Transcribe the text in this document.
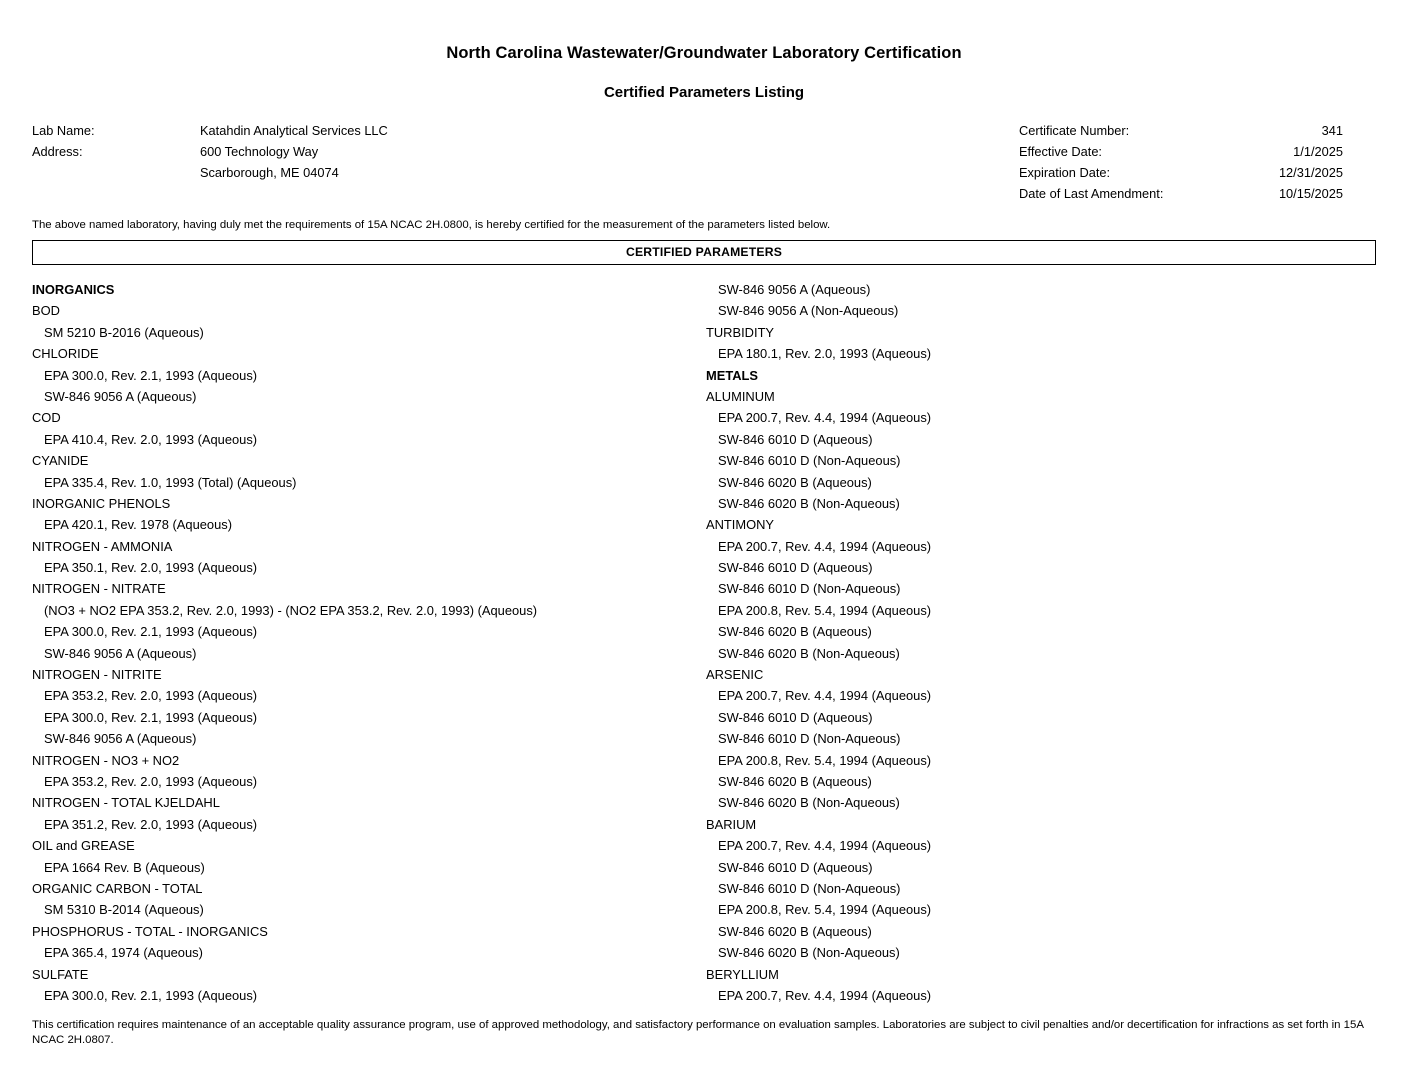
North Carolina Wastewater/Groundwater Laboratory Certification
Certified Parameters Listing
Lab Name:	Katahdin Analytical Services LLC
Address:	600 Technology Way
Scarborough, ME 04074
Certificate Number:	341
Effective Date:	1/1/2025
Expiration Date:	12/31/2025
Date of Last Amendment:	10/15/2025
The above named laboratory, having duly met the requirements of 15A NCAC 2H.0800, is hereby certified for the measurement of the parameters listed below.
CERTIFIED PARAMETERS
INORGANICS
BOD
SM 5210 B-2016 (Aqueous)
CHLORIDE
EPA 300.0, Rev. 2.1, 1993 (Aqueous)
SW-846 9056 A (Aqueous)
COD
EPA 410.4, Rev. 2.0, 1993 (Aqueous)
CYANIDE
EPA 335.4, Rev. 1.0, 1993 (Total) (Aqueous)
INORGANIC PHENOLS
EPA 420.1, Rev. 1978 (Aqueous)
NITROGEN - AMMONIA
EPA 350.1, Rev. 2.0, 1993 (Aqueous)
NITROGEN - NITRATE
(NO3 + NO2 EPA 353.2, Rev. 2.0, 1993) - (NO2 EPA 353.2, Rev. 2.0, 1993) (Aqueous)
EPA 300.0, Rev. 2.1, 1993 (Aqueous)
SW-846 9056 A (Aqueous)
NITROGEN - NITRITE
EPA 353.2, Rev. 2.0, 1993 (Aqueous)
EPA 300.0, Rev. 2.1, 1993 (Aqueous)
SW-846 9056 A (Aqueous)
NITROGEN - NO3 + NO2
EPA 353.2, Rev. 2.0, 1993 (Aqueous)
NITROGEN - TOTAL KJELDAHL
EPA 351.2, Rev. 2.0, 1993 (Aqueous)
OIL and GREASE
EPA 1664 Rev. B (Aqueous)
ORGANIC CARBON - TOTAL
SM 5310 B-2014 (Aqueous)
PHOSPHORUS - TOTAL - INORGANICS
EPA 365.4, 1974 (Aqueous)
SULFATE
EPA 300.0, Rev. 2.1, 1993 (Aqueous)
SW-846 9056 A (Aqueous)
SW-846 9056 A (Non-Aqueous)
TURBIDITY
EPA 180.1, Rev. 2.0, 1993 (Aqueous)
METALS
ALUMINUM
EPA 200.7, Rev. 4.4, 1994 (Aqueous)
SW-846 6010 D (Aqueous)
SW-846 6010 D (Non-Aqueous)
SW-846 6020 B (Aqueous)
SW-846 6020 B (Non-Aqueous)
ANTIMONY
EPA 200.7, Rev. 4.4, 1994 (Aqueous)
SW-846 6010 D (Aqueous)
SW-846 6010 D (Non-Aqueous)
EPA 200.8, Rev. 5.4, 1994 (Aqueous)
SW-846 6020 B (Aqueous)
SW-846 6020 B (Non-Aqueous)
ARSENIC
EPA 200.7, Rev. 4.4, 1994 (Aqueous)
SW-846 6010 D (Aqueous)
SW-846 6010 D (Non-Aqueous)
EPA 200.8, Rev. 5.4, 1994 (Aqueous)
SW-846 6020 B (Aqueous)
SW-846 6020 B (Non-Aqueous)
BARIUM
EPA 200.7, Rev. 4.4, 1994 (Aqueous)
SW-846 6010 D (Aqueous)
SW-846 6010 D (Non-Aqueous)
EPA 200.8, Rev. 5.4, 1994 (Aqueous)
SW-846 6020 B (Aqueous)
SW-846 6020 B (Non-Aqueous)
BERYLLIUM
EPA 200.7, Rev. 4.4, 1994 (Aqueous)
This certification requires maintenance of an acceptable quality assurance program, use of approved methodology, and satisfactory performance on evaluation samples. Laboratories are subject to civil penalties and/or decertification for infractions as set forth in 15A NCAC 2H.0807.
